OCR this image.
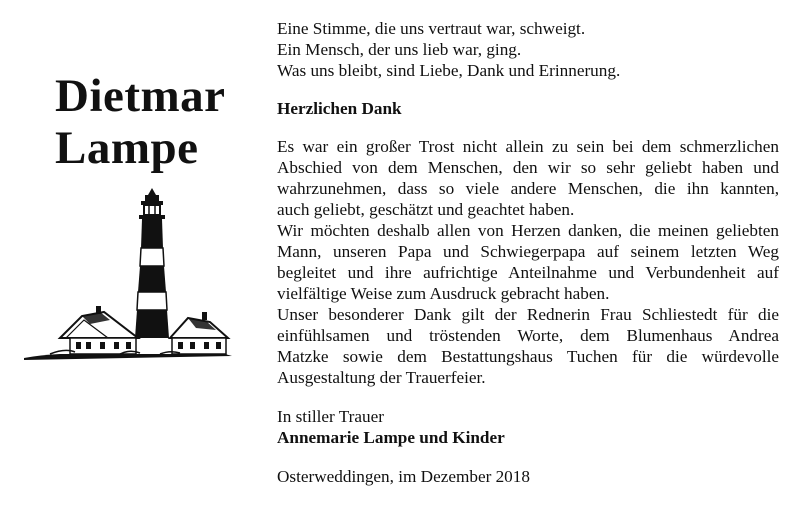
Dietmar
Lampe

Eine Stimme, die uns vertraut war, schweigt.
Ein Mensch, der uns lieb war, ging.
Was uns bleibt, sind Liebe, Dank und Erinnerung.

Herzlichen Dank

Es war ein großer Trost nicht allein zu sein bei dem schmerzlichen
Abschied von dem Menschen, den wir so sehr geliebt haben und
wahrzunehmen, dass so viele andere Menschen, die ihn kannten,
auch geliebt, geschätzt und geachtet haben.
Wir möchten deshalb allen von Herzen danken, die meinen geliebten
Mann, unseren Papa und Schwiegerpapa auf seinem letzten Weg
begleitet und ihre aufrichtige Anteilnahme und Verbundenheit auf
vielfältige Weise zum Ausdruck gebracht haben.
Unser besonderer Dank gilt der Rednerin Frau Schliestedt für die
einfühlsamen und tröstenden Worte, dem Blumenhaus Andrea
Matzke sowie dem Bestattungshaus Tuchen für die würdevolle
Ausgestaltung der Trauerfeier.

In stiller Trauer

Annemarie Lampe und Kinder

Osterweddingen, im Dezember 2018
